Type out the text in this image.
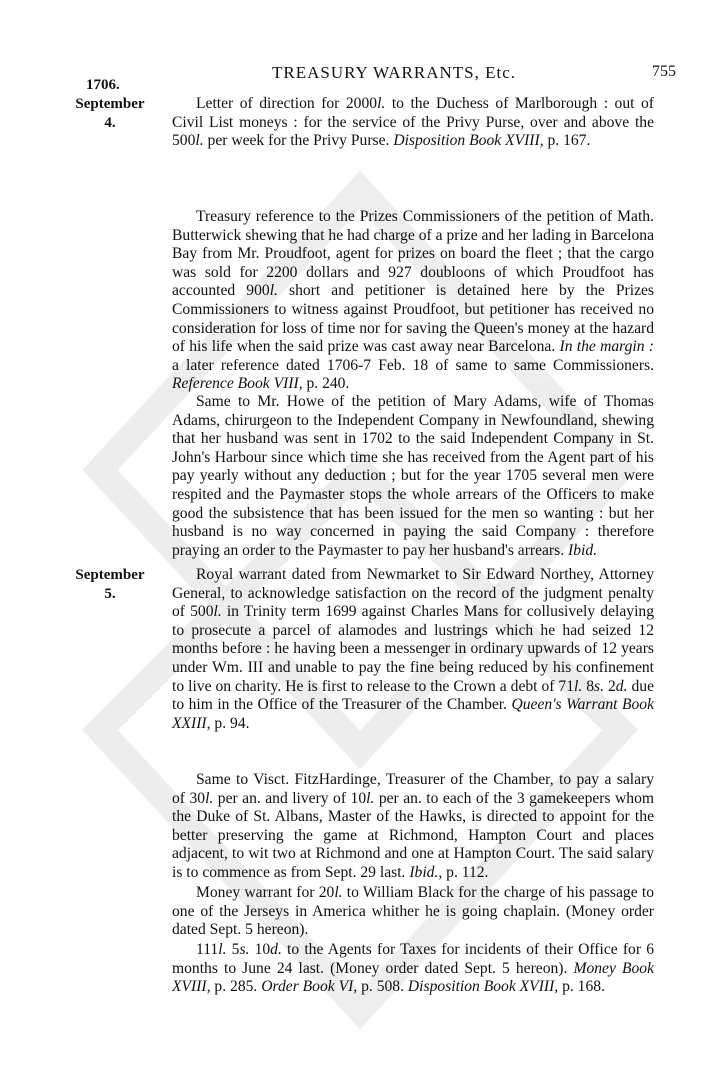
TREASURY WARRANTS, Etc.	755
1706.
September
4.
September
5.

Letter of direction for 2000l. to the Duchess of Marlborough : out of Civil List moneys : for the service of the Privy Purse, over and above the 500l. per week for the Privy Purse. Disposition Book XVIII, p. 167.

Treasury reference to the Prizes Commissioners of the petition of Math. Butterwick shewing that he had charge of a prize and her lading in Barcelona Bay from Mr. Proudfoot, agent for prizes on board the fleet ; that the cargo was sold for 2200 dollars and 927 doubloons of which Proudfoot has accounted 900l. short and petitioner is detained here by the Prizes Commissioners to witness against Proudfoot, but petitioner has received no consideration for loss of time nor for saving the Queen's money at the hazard of his life when the said prize was cast away near Barcelona. In the margin : a later reference dated 1706-7 Feb. 18 of same to same Commissioners. Reference Book VIII, p. 240.

Same to Mr. Howe of the petition of Mary Adams, wife of Thomas Adams, chirurgeon to the Independent Company in Newfoundland, shewing that her husband was sent in 1702 to the said Independent Company in St. John's Harbour since which time she has received from the Agent part of his pay yearly without any deduction ; but for the year 1705 several men were respited and the Paymaster stops the whole arrears of the Officers to make good the subsistence that has been issued for the men so wanting : but her husband is no way concerned in paying the said Company : therefore praying an order to the Paymaster to pay her husband's arrears. Ibid.

Royal warrant dated from Newmarket to Sir Edward Northey, Attorney General, to acknowledge satisfaction on the record of the judgment penalty of 500l. in Trinity term 1699 against Charles Mans for collusively delaying to prosecute a parcel of alamodes and lustrings which he had seized 12 months before : he having been a messenger in ordinary upwards of 12 years under Wm. III and unable to pay the fine being reduced by his confinement to live on charity. He is first to release to the Crown a debt of 71l. 8s. 2d. due to him in the Office of the Treasurer of the Chamber. Queen's Warrant Book XXIII, p. 94.

Same to Visct. FitzHardinge, Treasurer of the Chamber, to pay a salary of 30l. per an. and livery of 10l. per an. to each of the 3 gamekeepers whom the Duke of St. Albans, Master of the Hawks, is directed to appoint for the better preserving the game at Richmond, Hampton Court and places adjacent, to wit two at Richmond and one at Hampton Court. The said salary is to commence as from Sept. 29 last. Ibid., p. 112.

Money warrant for 20l. to William Black for the charge of his passage to one of the Jerseys in America whither he is going chaplain. (Money order dated Sept. 5 hereon).

111l. 5s. 10d. to the Agents for Taxes for incidents of their Office for 6 months to June 24 last. (Money order dated Sept. 5 hereon). Money Book XVIII, p. 285. Order Book VI, p. 508. Disposition Book XVIII, p. 168.
